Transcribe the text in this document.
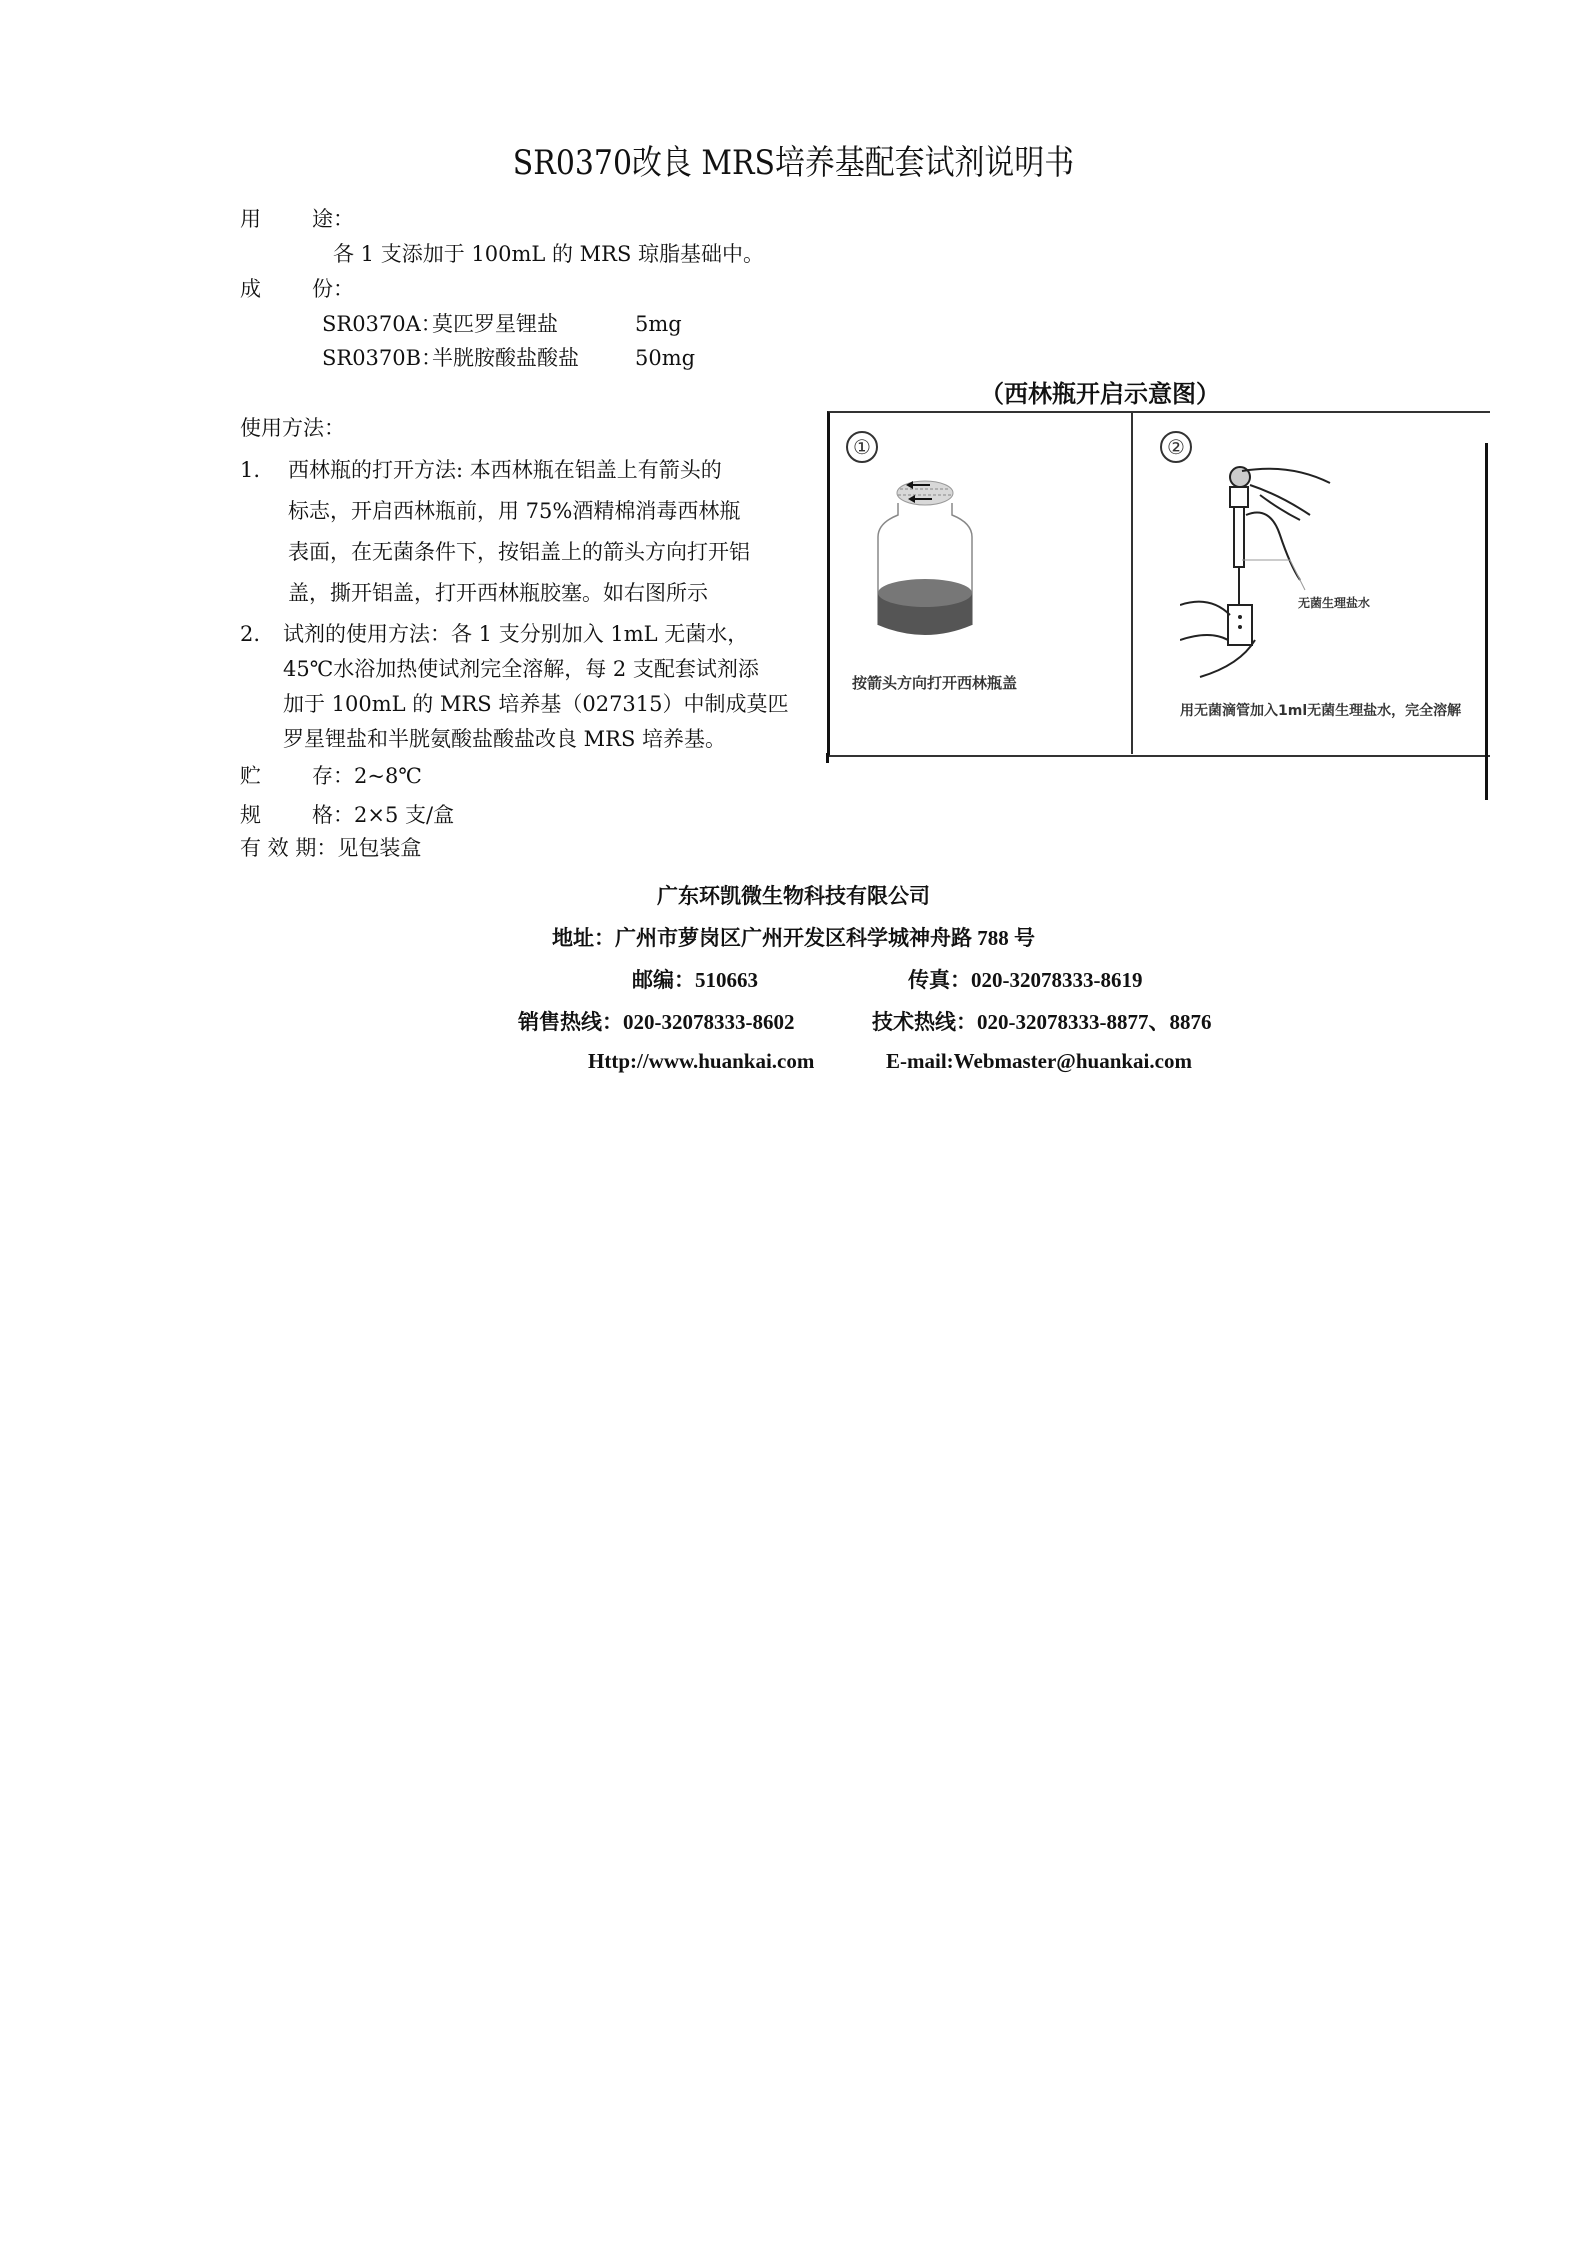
SR0370改良 MRS培养基配套试剂说明书
用 途：
各 1 支添加于 100mL 的 MRS 琼脂基础中。
成 份：
SR0370A：莫匹罗星锂盐	5mg
SR0370B：半胱胺酸盐酸盐	50mg
使用方法：
1. 西林瓶的打开方法: 本西林瓶在铝盖上有箭头的
标志，开启西林瓶前，用 75%酒精棉消毒西林瓶
表面，在无菌条件下，按铝盖上的箭头方向打开铝
盖，撕开铝盖，打开西林瓶胶塞。如右图所示
2. 试剂的使用方法：各 1 支分别加入 1mL 无菌水，
45℃水浴加热使试剂完全溶解，每 2 支配套试剂添
加于 100mL 的 MRS 培养基（027315）中制成莫匹
罗星锂盐和半胱氨酸盐酸盐改良 MRS 培养基。
贮 存：2~8℃
规 格：2×5 支/盒
有 效 期：见包装盒
（西林瓶开启示意图）
①
按箭头方向打开西林瓶盖
②
无菌生理盐水
用无菌滴管加入1ml无菌生理盐水，完全溶解
广东环凯微生物科技有限公司
地址：广州市萝岗区广州开发区科学城神舟路 788 号
邮编：510663	传真：020-32078333-8619
销售热线：020-32078333-8602	技术热线：020-32078333-8877、8876
Http://www.huankai.com	E-mail:Webmaster@huankai.com
